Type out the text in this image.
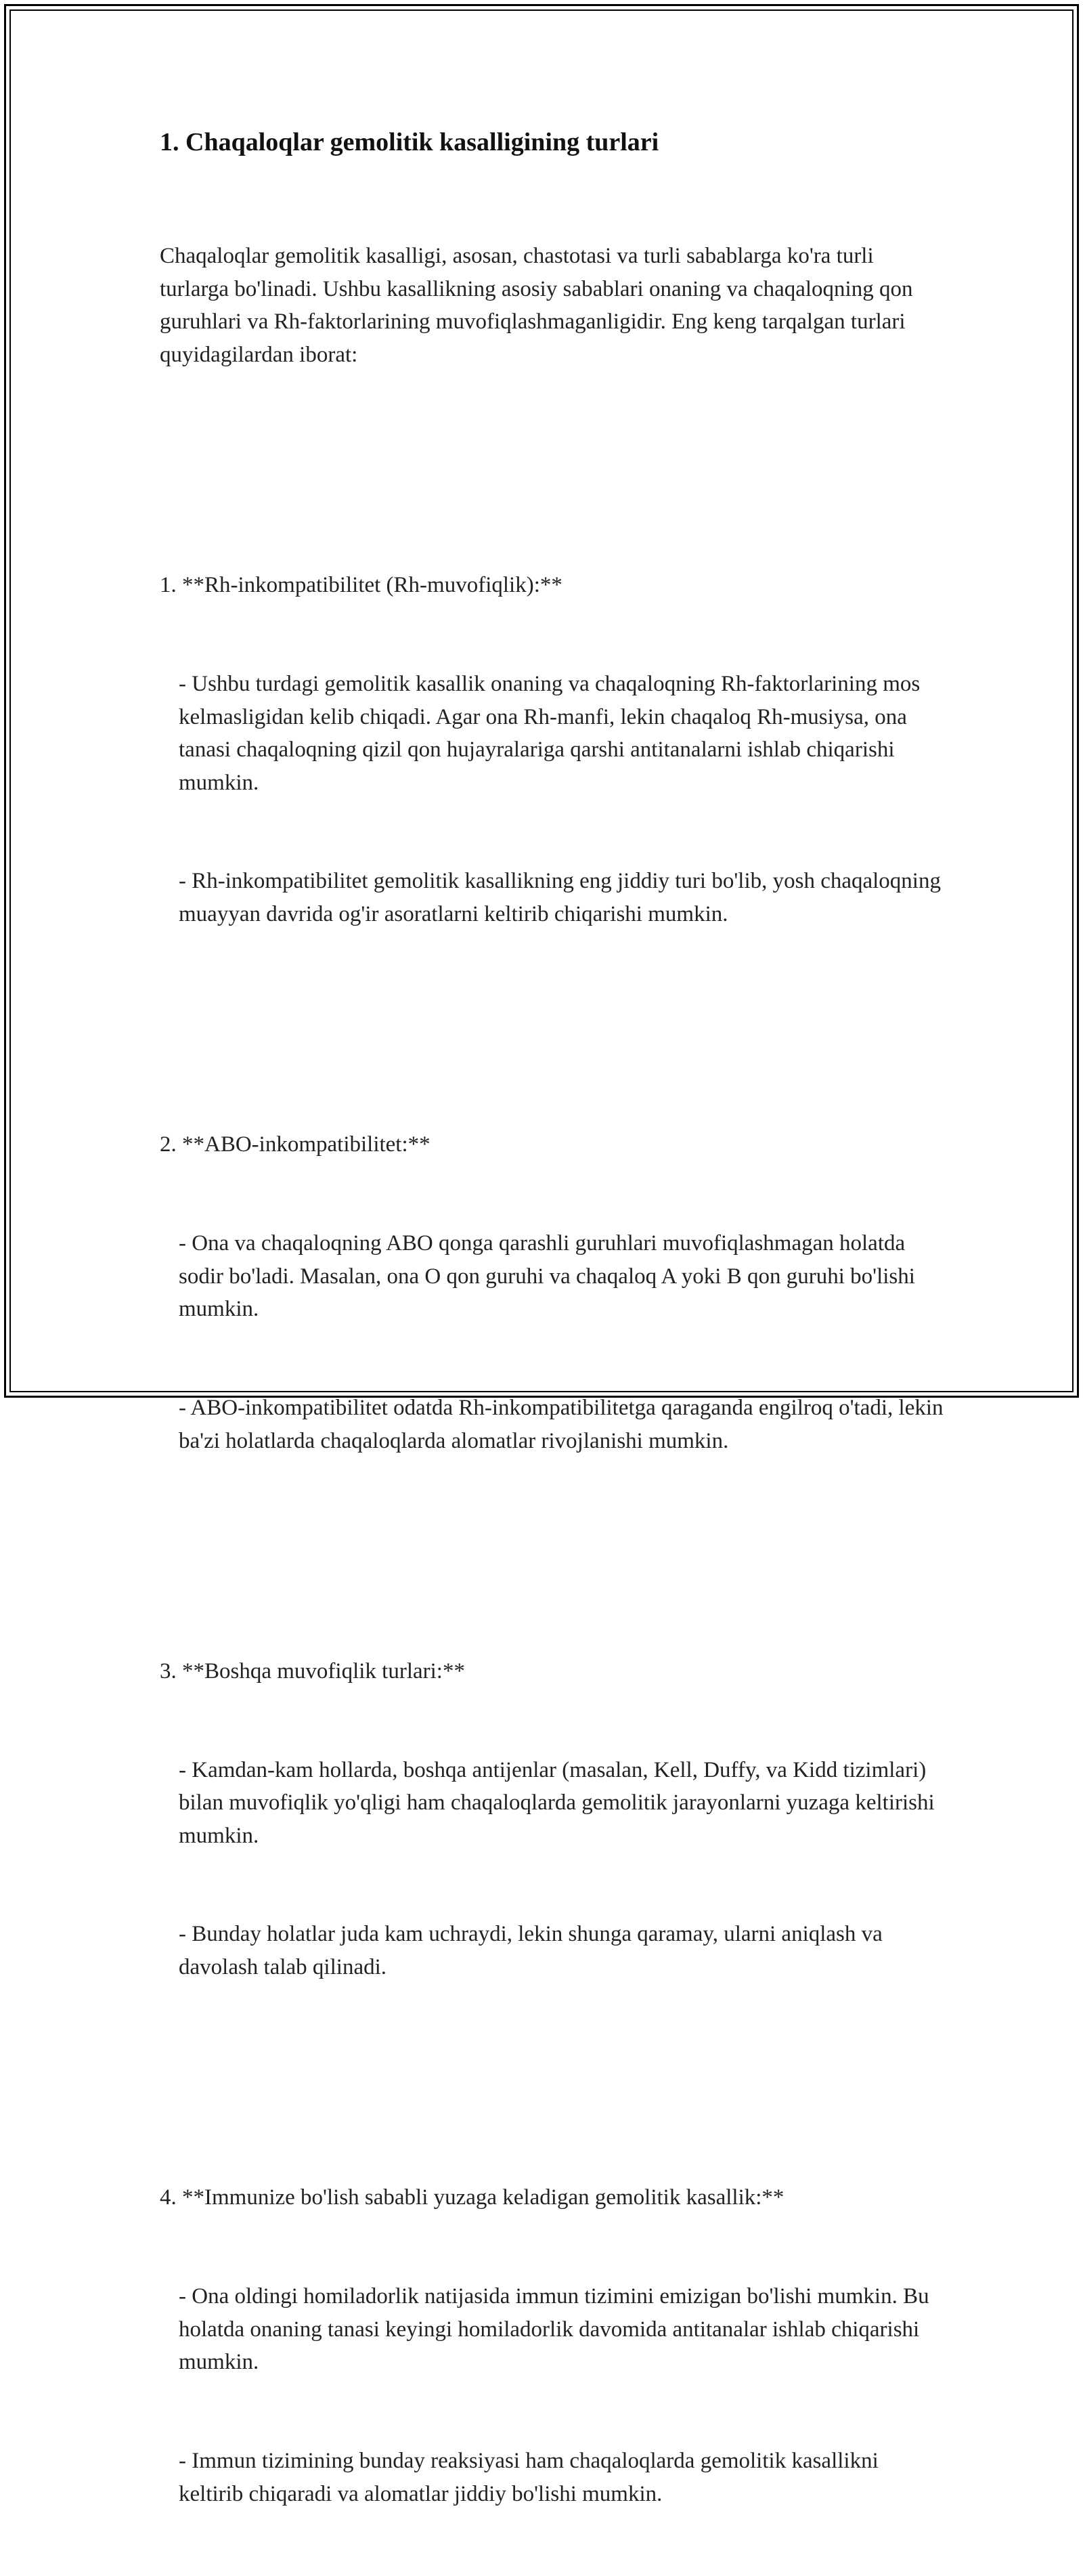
1. Chaqaloqlar gemolitik kasalligining turlari

Chaqaloqlar gemolitik kasalligi, asosan, chastotasi va turli sabablarga ko'ra turli turlarga bo'linadi. Ushbu kasallikning asosiy sabablari onaning va chaqaloqning qon guruhlari va Rh-faktorlarining muvofiqlashmaganligidir. Eng keng tarqalgan turlari quyidagilardan iborat:

1. **Rh-inkompatibilitet (Rh-muvofiqlik):**

- Ushbu turdagi gemolitik kasallik onaning va chaqaloqning Rh-faktorlarining mos kelmasligidan kelib chiqadi. Agar ona Rh-manfi, lekin chaqaloq Rh-musiysa, ona tanasi chaqaloqning qizil qon hujayralariga qarshi antitanalarni ishlab chiqarishi mumkin.

- Rh-inkompatibilitet gemolitik kasallikning eng jiddiy turi bo'lib, yosh chaqaloqning muayyan davrida og'ir asoratlarni keltirib chiqarishi mumkin.

2. **ABO-inkompatibilitet:**

- Ona va chaqaloqning ABO qonga qarashli guruhlari muvofiqlashmagan holatda sodir bo'ladi. Masalan, ona O qon guruhi va chaqaloq A yoki B qon guruhi bo'lishi mumkin.

- ABO-inkompatibilitet odatda Rh-inkompatibilitetga qaraganda engilroq o'tadi, lekin ba'zi holatlarda chaqaloqlarda alomatlar rivojlanishi mumkin.

3. **Boshqa muvofiqlik turlari:**

- Kamdan-kam hollarda, boshqa antijenlar (masalan, Kell, Duffy, va Kidd tizimlari) bilan muvofiqlik yo'qligi ham chaqaloqlarda gemolitik jarayonlarni yuzaga keltirishi mumkin.

- Bunday holatlar juda kam uchraydi, lekin shunga qaramay, ularni aniqlash va davolash talab qilinadi.

4. **Immunize bo'lish sababli yuzaga keladigan gemolitik kasallik:**

- Ona oldingi homiladorlik natijasida immun tizimini emizigan bo'lishi mumkin. Bu holatda onaning tanasi keyingi homiladorlik davomida antitanalar ishlab chiqarishi mumkin.

- Immun tizimining bunday reaksiyasi ham chaqaloqlarda gemolitik kasallikni keltirib chiqaradi va alomatlar jiddiy bo'lishi mumkin.
